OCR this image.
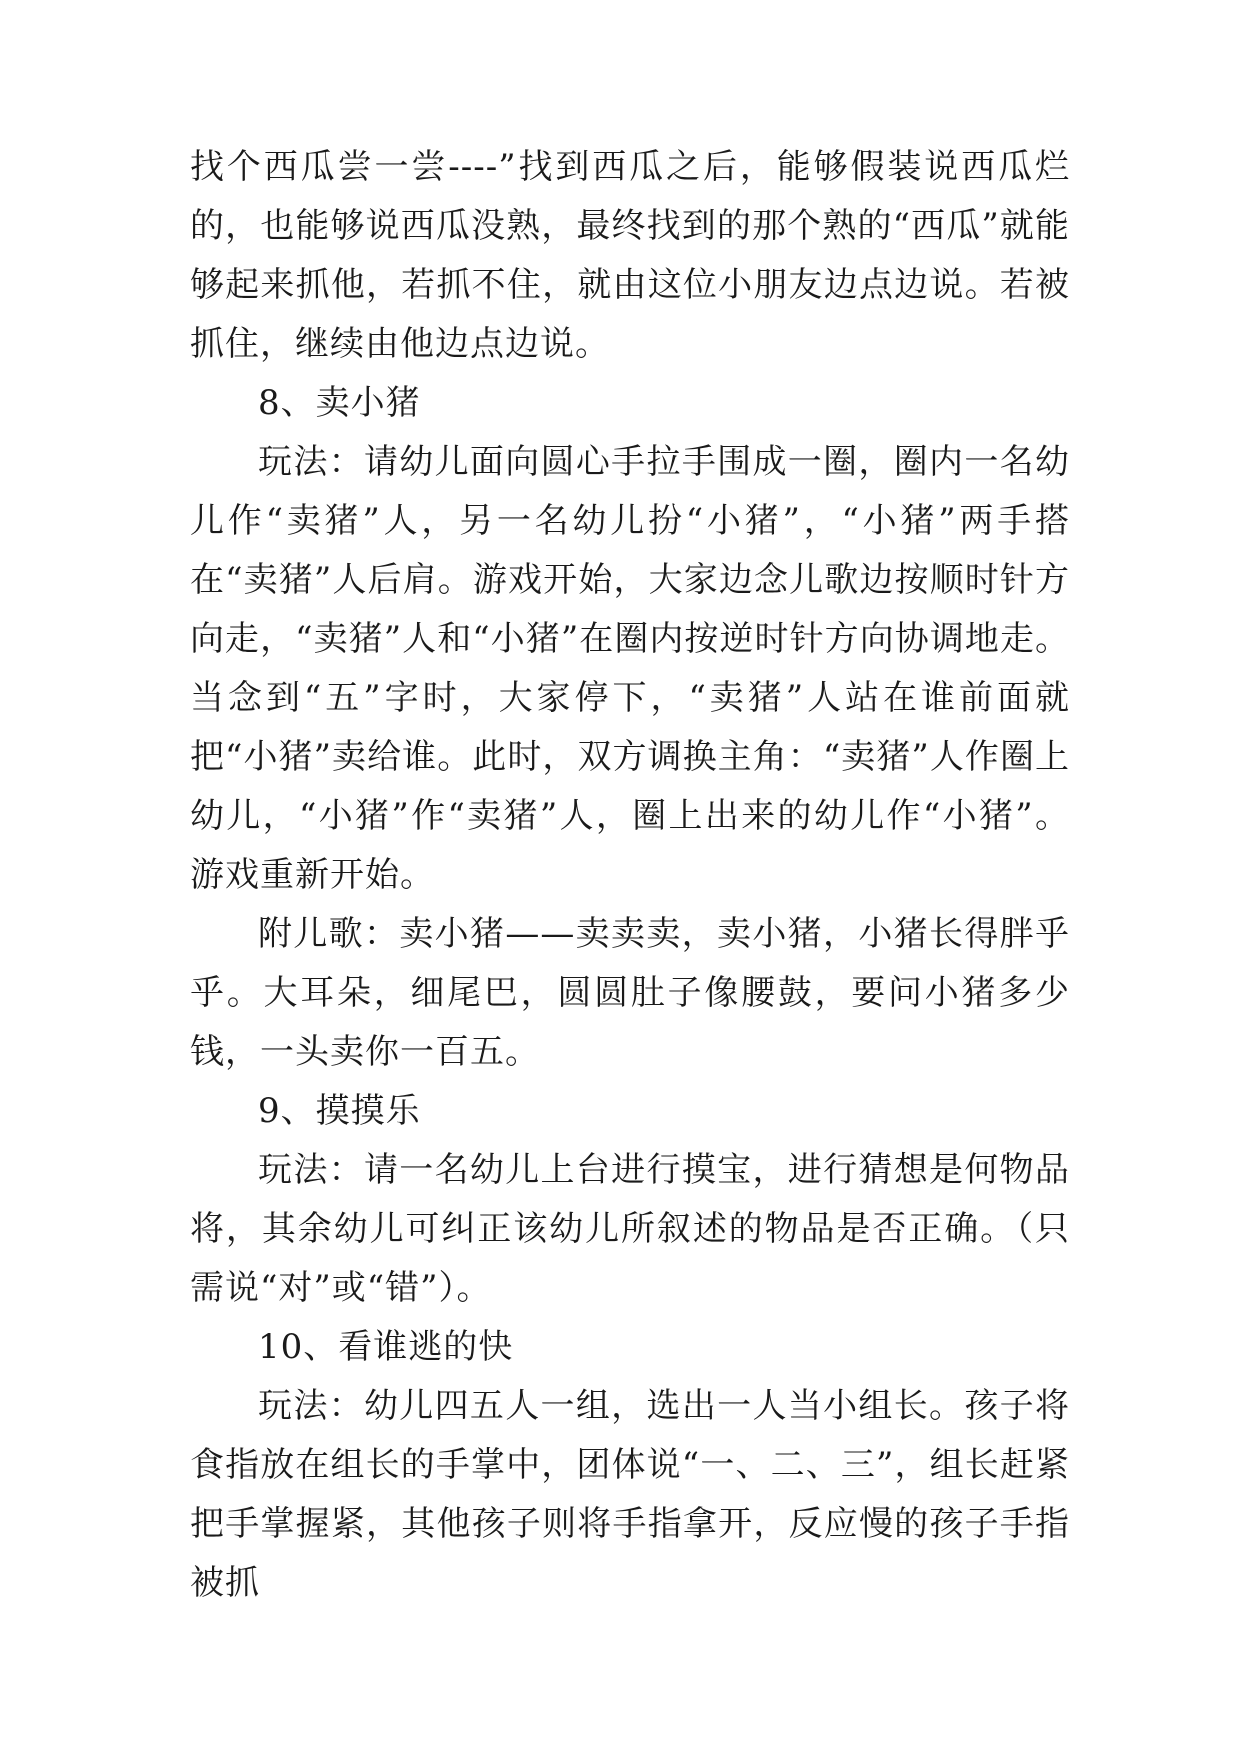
找个西瓜尝一尝----”找到西瓜之后，能够假装说西瓜烂的，也能够说西瓜没熟，最终找到的那个熟的“西瓜”就能够起来抓他，若抓不住，就由这位小朋友边点边说。若被抓住，继续由他边点边说。

8、卖小猪

玩法：请幼儿面向圆心手拉手围成一圈，圈内一名幼儿作“卖猪”人，另一名幼儿扮“小猪”，“小猪”两手搭在“卖猪”人后肩。游戏开始，大家边念儿歌边按顺时针方向走，“卖猪”人和“小猪”在圈内按逆时针方向协调地走。当念到“五”字时，大家停下，“卖猪”人站在谁前面就把“小猪”卖给谁。此时，双方调换主角：“卖猪”人作圈上幼儿，“小猪”作“卖猪”人，圈上出来的幼儿作“小猪”。游戏重新开始。

附儿歌：卖小猪——卖卖卖，卖小猪，小猪长得胖乎乎。大耳朵，细尾巴，圆圆肚子像腰鼓，要问小猪多少钱，一头卖你一百五。

9、摸摸乐

玩法：请一名幼儿上台进行摸宝，进行猜想是何物品将，其余幼儿可纠正该幼儿所叙述的物品是否正确。（只需说“对”或“错”）。

10、看谁逃的快

玩法：幼儿四五人一组，选出一人当小组长。孩子将食指放在组长的手掌中，团体说“一、二、三”，组长赶紧把手掌握紧，其他孩子则将手指拿开，反应慢的孩子手指被抓
